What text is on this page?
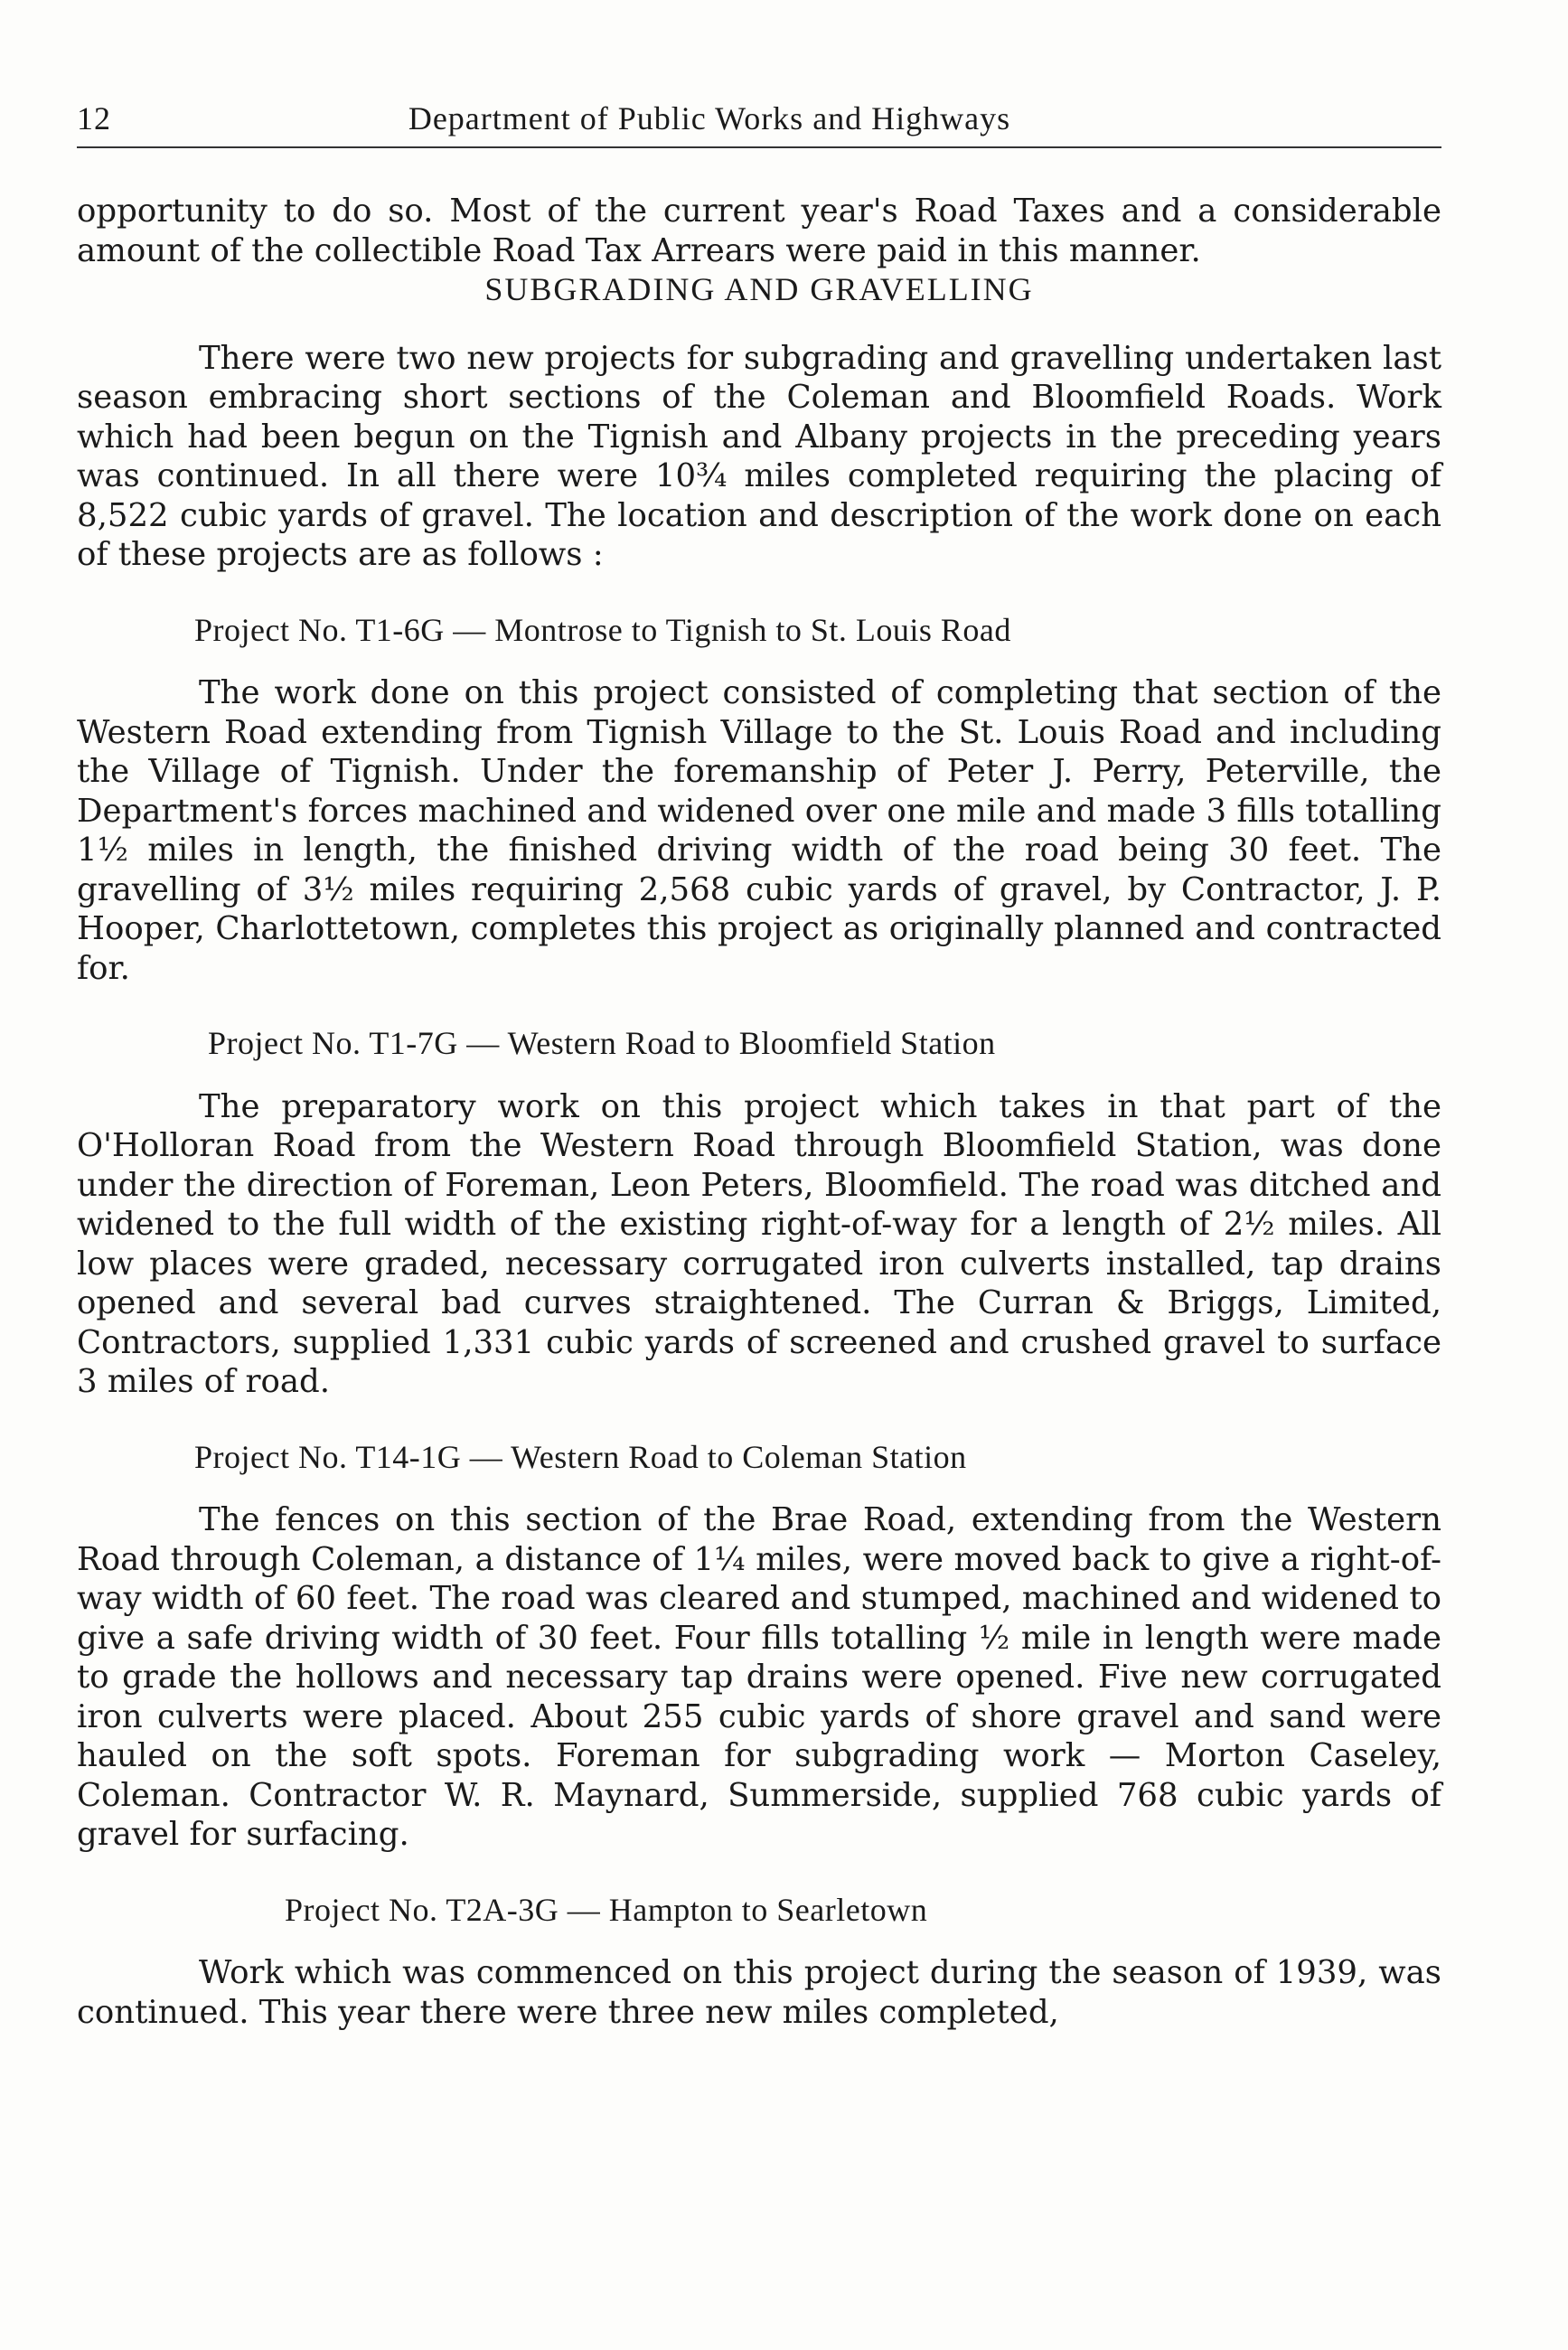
12	Department of Public Works and Highways

opportunity to do so. Most of the current year's Road Taxes and a considerable amount of the collectible Road Tax Arrears were paid in this manner.

SUBGRADING AND GRAVELLING

There were two new projects for subgrading and gravelling undertaken last season embracing short sections of the Coleman and Bloomfield Roads. Work which had been begun on the Tignish and Albany projects in the preceding years was continued. In all there were 10¾ miles completed requiring the placing of 8,522 cubic yards of gravel. The location and description of the work done on each of these projects are as follows :

Project No. T1-6G — Montrose to Tignish to St. Louis Road

The work done on this project consisted of completing that section of the Western Road extending from Tignish Village to the St. Louis Road and including the Village of Tignish. Under the foremanship of Peter J. Perry, Peterville, the Department's forces machined and widened over one mile and made 3 fills totalling 1½ miles in length, the finished driving width of the road being 30 feet. The gravelling of 3½ miles requiring 2,568 cubic yards of gravel, by Contractor, J. P. Hooper, Charlottetown, completes this project as originally planned and contracted for.

Project No. T1-7G — Western Road to Bloomfield Station

The preparatory work on this project which takes in that part of the O'Holloran Road from the Western Road through Bloomfield Station, was done under the direction of Foreman, Leon Peters, Bloomfield. The road was ditched and widened to the full width of the existing right-of-way for a length of 2½ miles. All low places were graded, necessary corrugated iron culverts installed, tap drains opened and several bad curves straightened. The Curran & Briggs, Limited, Contractors, supplied 1,331 cubic yards of screened and crushed gravel to surface 3 miles of road.

Project No. T14-1G — Western Road to Coleman Station

The fences on this section of the Brae Road, extending from the Western Road through Coleman, a distance of 1¼ miles, were moved back to give a right-of-way width of 60 feet. The road was cleared and stumped, machined and widened to give a safe driving width of 30 feet. Four fills totalling ½ mile in length were made to grade the hollows and necessary tap drains were opened. Five new corrugated iron culverts were placed. About 255 cubic yards of shore gravel and sand were hauled on the soft spots. Foreman for subgrading work — Morton Caseley, Coleman. Contractor W. R. Maynard, Summerside, supplied 768 cubic yards of gravel for surfacing.

Project No. T2A-3G — Hampton to Searletown

Work which was commenced on this project during the season of 1939, was continued. This year there were three new miles completed,
